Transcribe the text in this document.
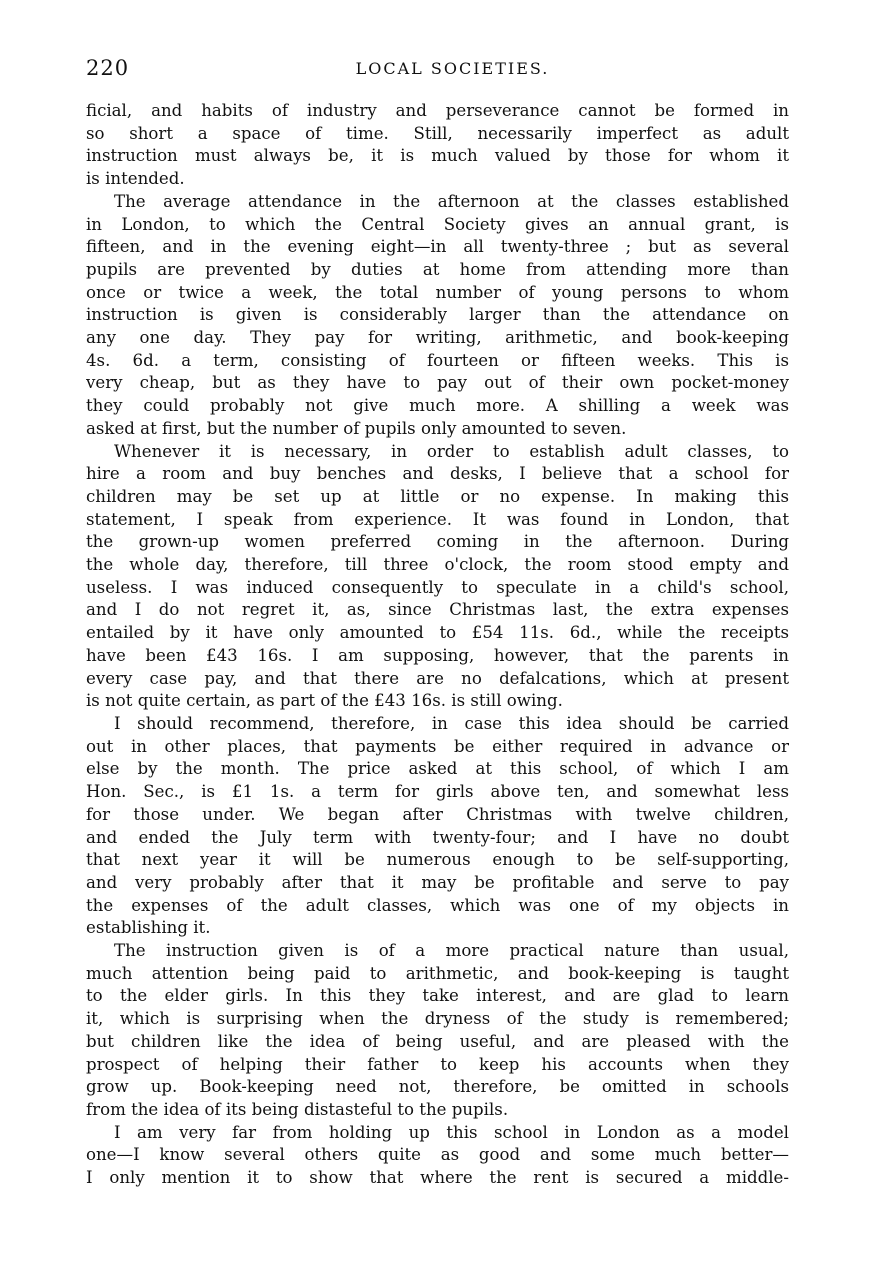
220	LOCAL SOCIETIES.

ficial, and habits of industry and perseverance cannot be formed in
so short a space of time. Still, necessarily imperfect as adult
instruction must always be, it is much valued by those for whom it
is intended.

The average attendance in the afternoon at the classes established
in London, to which the Central Society gives an annual grant, is
fifteen, and in the evening eight—in all twenty-three ; but as several
pupils are prevented by duties at home from attending more than
once or twice a week, the total number of young persons to whom
instruction is given is considerably larger than the attendance on
any one day. They pay for writing, arithmetic, and book-keeping
4s. 6d. a term, consisting of fourteen or fifteen weeks. This is
very cheap, but as they have to pay out of their own pocket-money
they could probably not give much more. A shilling a week was
asked at first, but the number of pupils only amounted to seven.

Whenever it is necessary, in order to establish adult classes, to
hire a room and buy benches and desks, I believe that a school for
children may be set up at little or no expense. In making this
statement, I speak from experience. It was found in London, that
the grown-up women preferred coming in the afternoon. During
the whole day, therefore, till three o'clock, the room stood empty and
useless. I was induced consequently to speculate in a child's school,
and I do not regret it, as, since Christmas last, the extra expenses
entailed by it have only amounted to £54 11s. 6d., while the receipts
have been £43 16s. I am supposing, however, that the parents in
every case pay, and that there are no defalcations, which at present
is not quite certain, as part of the £43 16s. is still owing.

I should recommend, therefore, in case this idea should be carried
out in other places, that payments be either required in advance or
else by the month. The price asked at this school, of which I am
Hon. Sec., is £1 1s. a term for girls above ten, and somewhat less
for those under. We began after Christmas with twelve children,
and ended the July term with twenty-four; and I have no doubt
that next year it will be numerous enough to be self-supporting,
and very probably after that it may be profitable and serve to pay
the expenses of the adult classes, which was one of my objects in
establishing it.

The instruction given is of a more practical nature than usual,
much attention being paid to arithmetic, and book-keeping is taught
to the elder girls. In this they take interest, and are glad to learn
it, which is surprising when the dryness of the study is remembered;
but children like the idea of being useful, and are pleased with the
prospect of helping their father to keep his accounts when they
grow up. Book-keeping need not, therefore, be omitted in schools
from the idea of its being distasteful to the pupils.

I am very far from holding up this school in London as a model
one—I know several others quite as good and some much better—
I only mention it to show that where the rent is secured a middle-
